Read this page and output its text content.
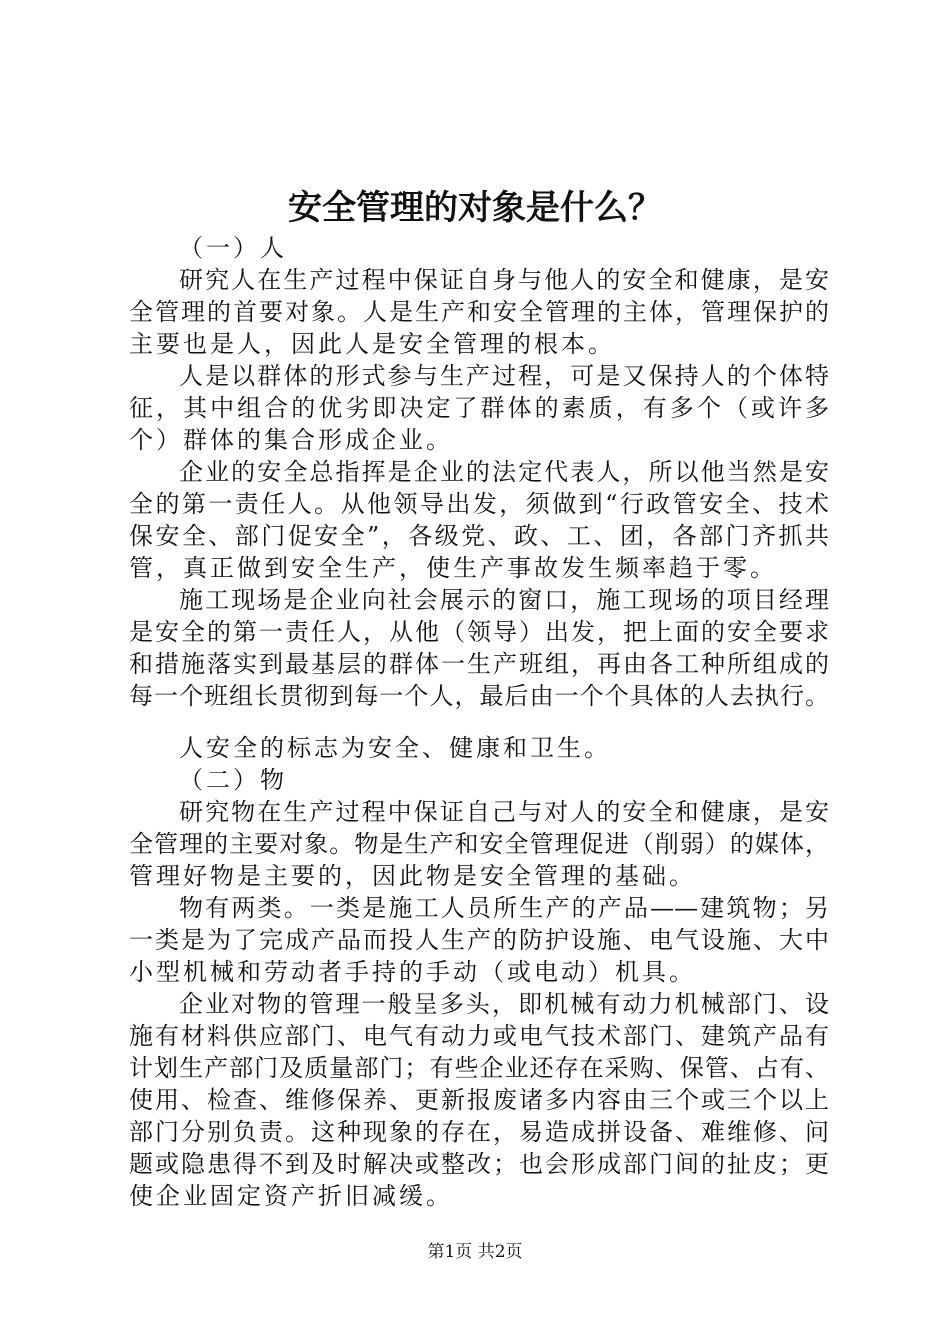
安全管理的对象是什么？
（一）人
研究人在生产过程中保证自身与他人的安全和健康，是安
全管理的首要对象。人是生产和安全管理的主体，管理保护的
主要也是人，因此人是安全管理的根本。
人是以群体的形式参与生产过程，可是又保持人的个体特
征，其中组合的优劣即决定了群体的素质，有多个（或许多
个）群体的集合形成企业。
企业的安全总指挥是企业的法定代表人，所以他当然是安
全的第一责任人。从他领导出发，须做到“行政管安全、技术
保安全、部门促安全”，各级党、政、工、团，各部门齐抓共
管，真正做到安全生产，使生产事故发生频率趋于零。
施工现场是企业向社会展示的窗口，施工现场的项目经理
是安全的第一责任人，从他（领导）出发，把上面的安全要求
和措施落实到最基层的群体一生产班组，再由各工种所组成的
每一个班组长贯彻到每一个人，最后由一个个具体的人去执行。
人安全的标志为安全、健康和卫生。
（二）物
研究物在生产过程中保证自己与对人的安全和健康，是安
全管理的主要对象。物是生产和安全管理促进（削弱）的媒体，
管理好物是主要的，因此物是安全管理的基础。
物有两类。一类是施工人员所生产的产品——建筑物；另
一类是为了完成产品而投人生产的防护设施、电气设施、大中
小型机械和劳动者手持的手动（或电动）机具。
企业对物的管理一般呈多头，即机械有动力机械部门、设
施有材料供应部门、电气有动力或电气技术部门、建筑产品有
计划生产部门及质量部门；有些企业还存在采购、保管、占有、
使用、检查、维修保养、更新报废诸多内容由三个或三个以上
部门分别负责。这种现象的存在，易造成拼设备、难维修、问
题或隐患得不到及时解决或整改；也会形成部门间的扯皮；更
使企业固定资产折旧减缓。
第1页 共2页
